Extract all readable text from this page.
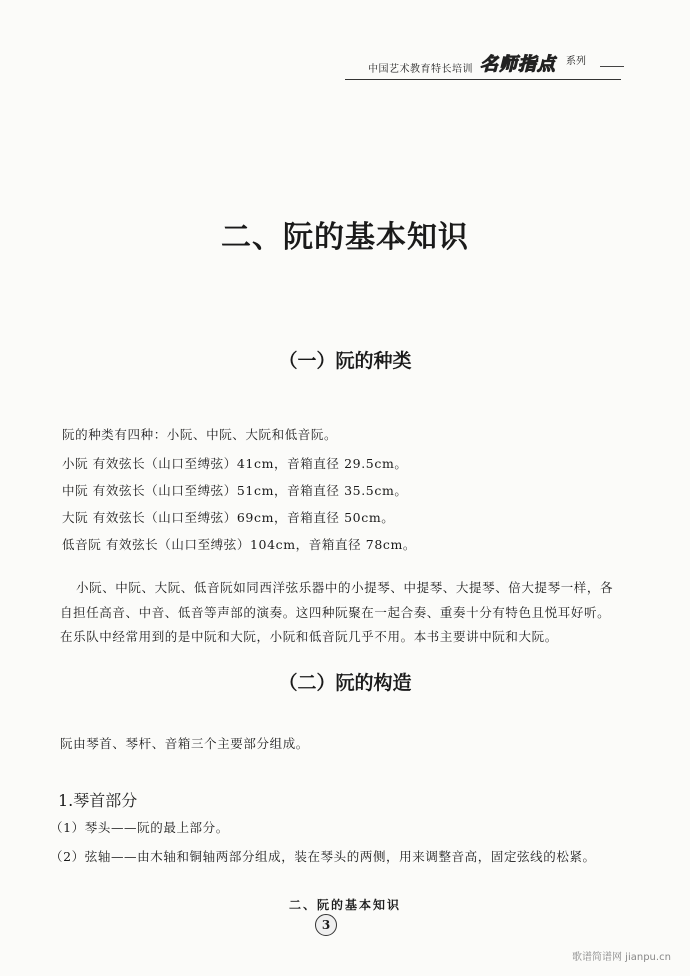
中国艺术教育特长培训 名师指点 系列
二、阮的基本知识
（一）阮的种类
阮的种类有四种：小阮、中阮、大阮和低音阮。
小阮 有效弦长（山口至缚弦）41cm，音箱直径 29.5cm。
中阮 有效弦长（山口至缚弦）51cm，音箱直径 35.5cm。
大阮 有效弦长（山口至缚弦）69cm，音箱直径 50cm。
低音阮 有效弦长（山口至缚弦）104cm，音箱直径 78cm。
小阮、中阮、大阮、低音阮如同西洋弦乐器中的小提琴、中提琴、大提琴、倍大提琴一样，各
自担任高音、中音、低音等声部的演奏。这四种阮聚在一起合奏、重奏十分有特色且悦耳好听。
在乐队中经常用到的是中阮和大阮，小阮和低音阮几乎不用。本书主要讲中阮和大阮。
（二）阮的构造
阮由琴首、琴杆、音箱三个主要部分组成。
1.琴首部分
（1）琴头——阮的最上部分。
（2）弦轴——由木轴和铜轴两部分组成，装在琴头的两侧，用来调整音高，固定弦线的松紧。
二、阮的基本知识
3
歌谱简谱网 jianpu.cn
